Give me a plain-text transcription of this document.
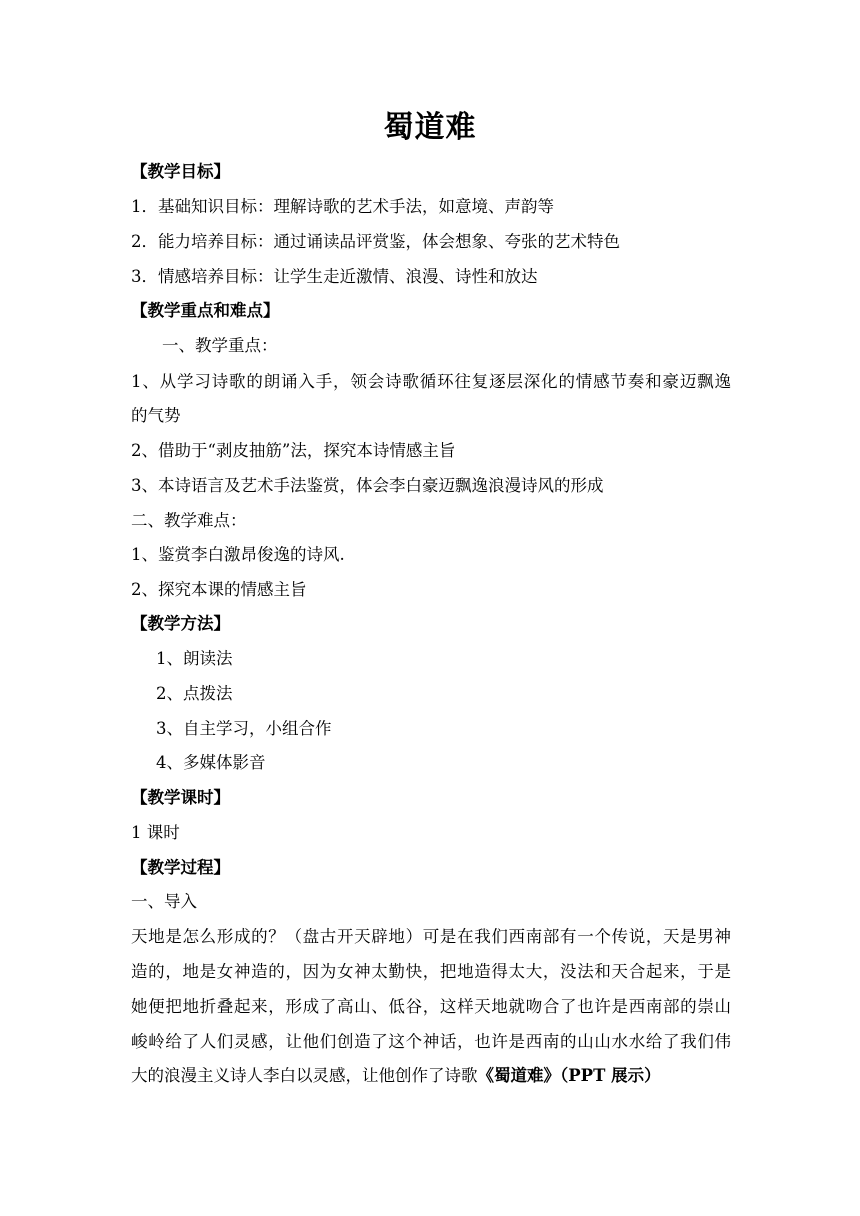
蜀道难
【教学目标】
1．基础知识目标：理解诗歌的艺术手法，如意境、声韵等
2．能力培养目标：通过诵读品评赏鉴，体会想象、夸张的艺术特色
3．情感培养目标：让学生走近激情、浪漫、诗性和放达
【教学重点和难点】
一、教学重点：
1、从学习诗歌的朗诵入手，领会诗歌循环往复逐层深化的情感节奏和豪迈飘逸
的气势
2、借助于“剥皮抽筋”法，探究本诗情感主旨
3、本诗语言及艺术手法鉴赏，体会李白豪迈飘逸浪漫诗风的形成
二、教学难点：
1、鉴赏李白激昂俊逸的诗风.
2、探究本课的情感主旨
【教学方法】
1、朗读法
2、点拨法
3、自主学习，小组合作
4、多媒体影音
【教学课时】
1 课时
【教学过程】
一、导入
天地是怎么形成的？（盘古开天辟地）可是在我们西南部有一个传说，天是男神
造的，地是女神造的，因为女神太勤快，把地造得太大，没法和天合起来，于是
她便把地折叠起来，形成了高山、低谷，这样天地就吻合了也许是西南部的崇山
峻岭给了人们灵感，让他们创造了这个神话，也许是西南的山山水水给了我们伟
大的浪漫主义诗人李白以灵感，让他创作了诗歌《蜀道难》（PPT 展示）
